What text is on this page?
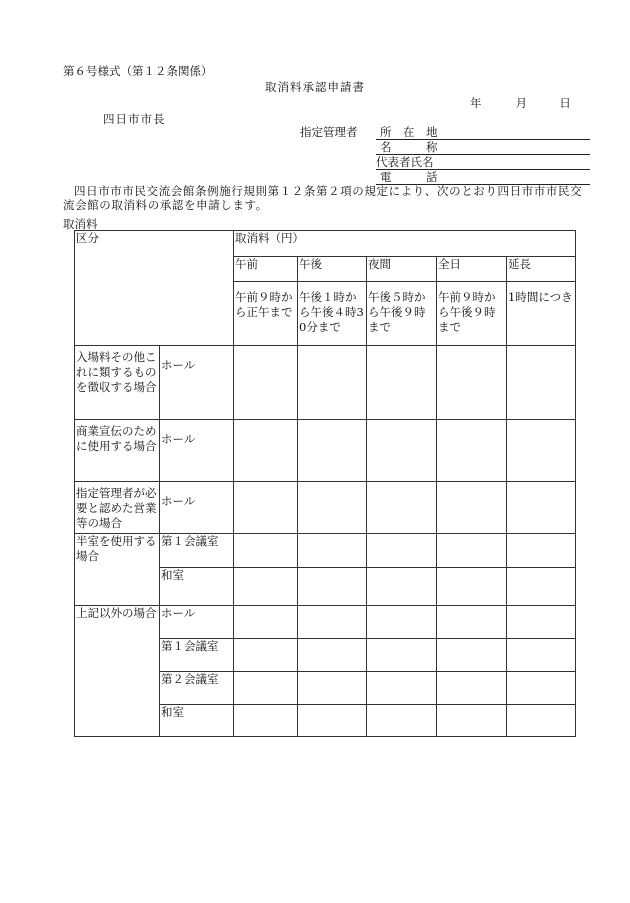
第６号様式（第１２条関係）
取消料承認申請書
年	月	日
四日市市長
指定管理者	所　在　地
名　　　称
代表者氏名
電　　　話
四日市市市民交流会館条例施行規則第１２条第２項の規定により、次のとおり四日市市市民交流会館の取消料の承認を申請します。
取消料
区分		取消料（円）				
		午前	午後	夜間	全日	延長
		午前９時から正午まで	午後１時から午後４時30分まで	午後５時から午後９時まで	午前９時から午後９時まで	1時間につき
入場料その他これに類するものを徴収する場合	ホール					
商業宣伝のために使用する場合	ホール					
指定管理者が必要と認めた営業等の場合	ホール					
半室を使用する場合	第１会議室					
	和室					
上記以外の場合	ホール					
	第１会議室					
	第２会議室					
	和室					
